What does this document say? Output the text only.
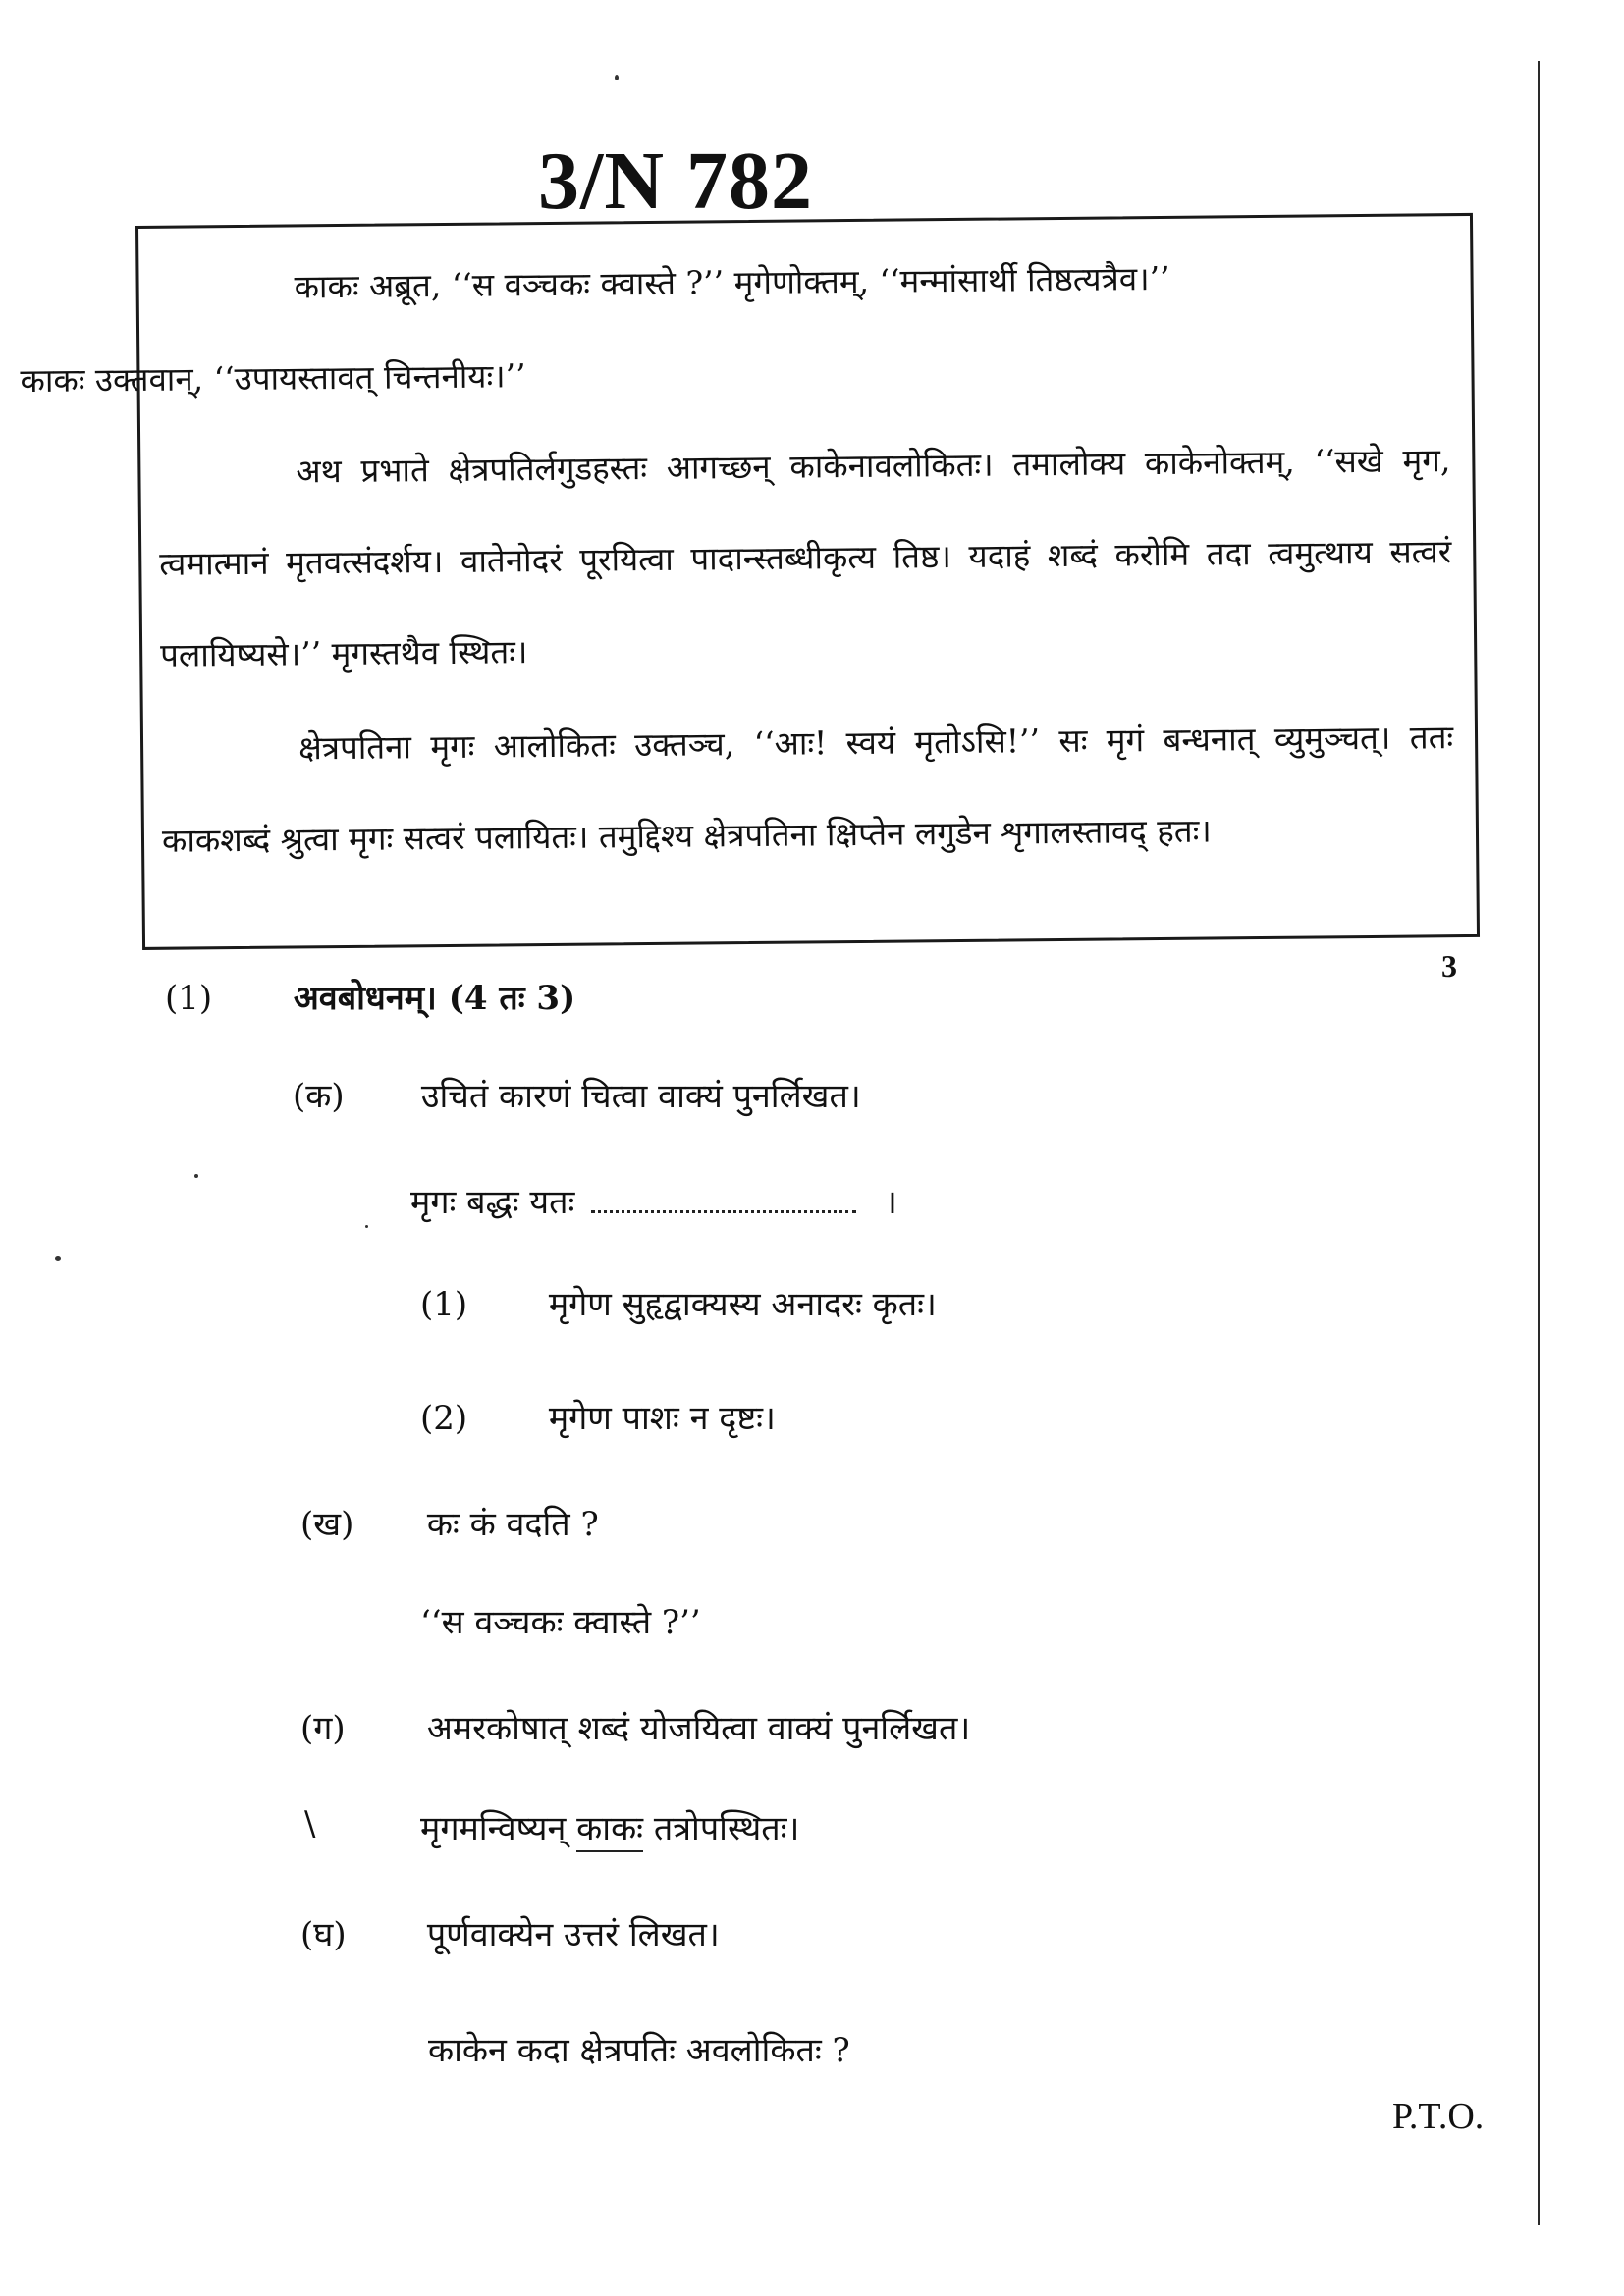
3/N 782
काकः अब्रूत, ‘‘स वञ्चकः क्वास्ते ?’’ मृगेणोक्तम्, ‘‘मन्मांसार्थी तिष्ठत्यत्रैव।’’
काकः उक्तवान्, ‘‘उपायस्तावत् चिन्तनीयः।’’
अथ प्रभाते क्षेत्रपतिर्लगुडहस्तः आगच्छन् काकेनावलोकितः। तमालोक्य काकेनोक्तम्, ‘‘सखे मृग, त्वमात्मानं मृतवत्संदर्शय। वातेनोदरं पूरयित्वा पादान्स्तब्धीकृत्य तिष्ठ। यदाहं शब्दं करोमि तदा त्वमुत्थाय सत्वरं पलायिष्यसे।’’ मृगस्तथैव स्थितः।
क्षेत्रपतिना मृगः आलोकितः उक्तञ्च, ‘‘आः! स्वयं मृतोऽसि!’’ सः मृगं बन्धनात् व्युमुञ्चत्। ततः काकशब्दं श्रुत्वा मृगः सत्वरं पलायितः। तमुद्दिश्य क्षेत्रपतिना क्षिप्तेन लगुडेन शृगालस्तावद् हतः।
3
(1) अवबोधनम्। (4 तः 3)
(क) उचितं कारणं चित्वा वाक्यं पुनर्लिखत।
मृगः बद्धः यतः	।
(1) मृगेण सुहृद्वाक्यस्य अनादरः कृतः।
(2) मृगेण पाशः न दृष्टः।
(ख) कः कं वदति ?
‘‘स वञ्चकः क्वास्ते ?’’
(ग) अमरकोषात् शब्दं योजयित्वा वाक्यं पुनर्लिखत।
\	मृगमन्विष्यन् काकः तत्रोपस्थितः।
(घ) पूर्णवाक्येन उत्तरं लिखत।
काकेन कदा क्षेत्रपतिः अवलोकितः ?
P.T.O.
